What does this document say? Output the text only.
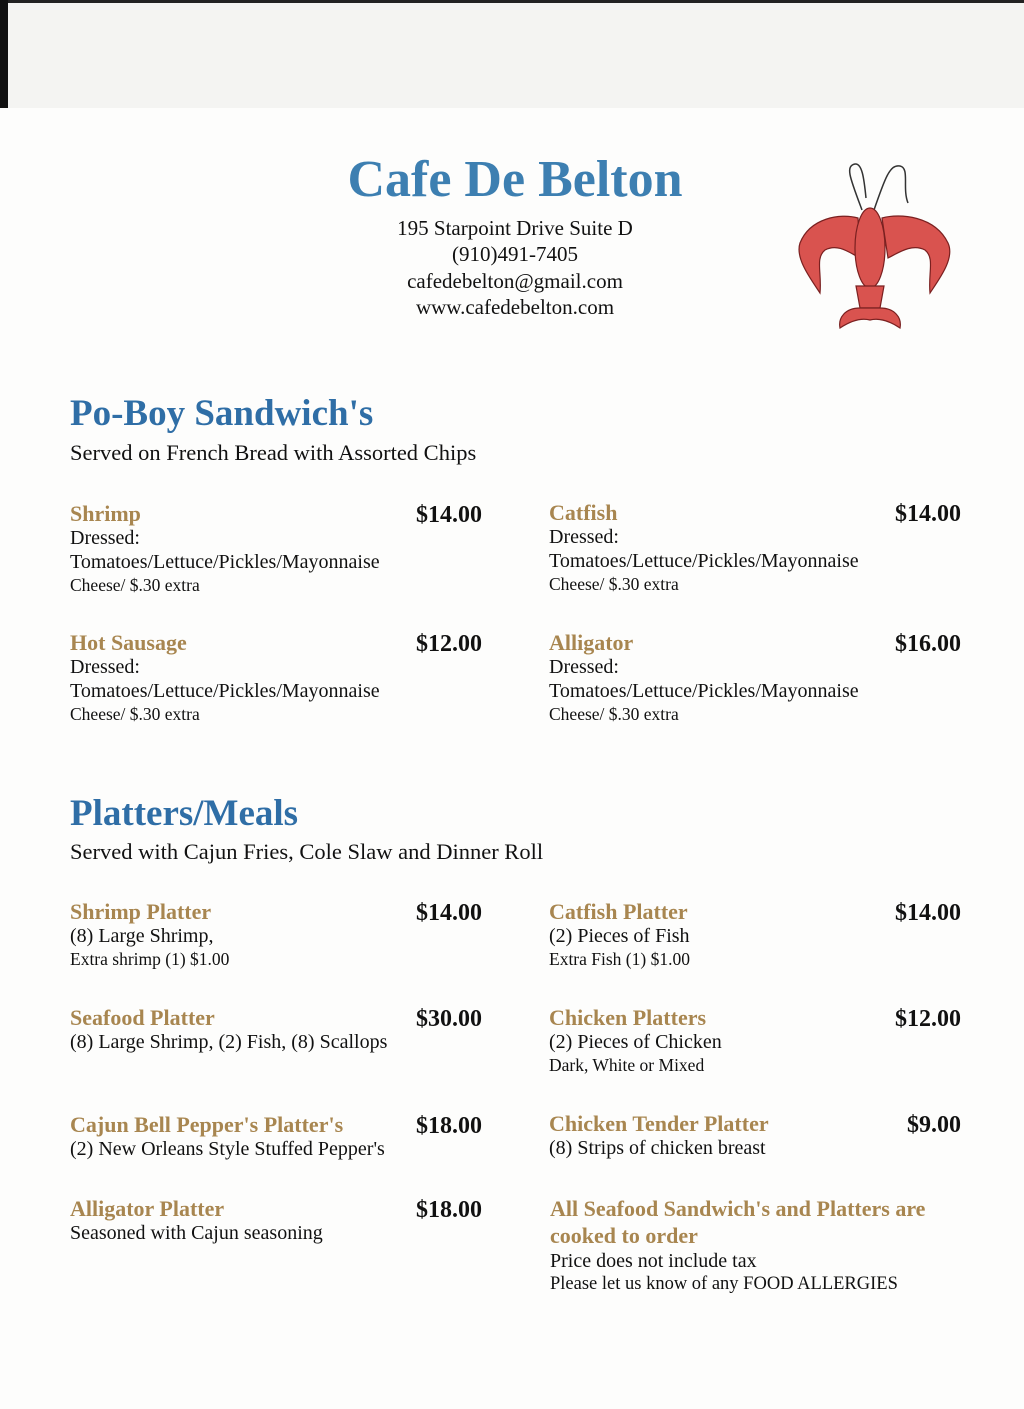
Cafe De Belton
195 Starpoint Drive Suite D
(910)491-7405
cafedebelton@gmail.com
www.cafedebelton.com
Po-Boy Sandwich's
Served on French Bread with Assorted Chips
Platters/Meals
Served with Cajun Fries, Cole Slaw and Dinner Roll
Shrimp	$14.00
Dressed:
Tomatoes/Lettuce/Pickles/Mayonnaise
Cheese/ $.30 extra
Catfish	$14.00
Dressed:
Tomatoes/Lettuce/Pickles/Mayonnaise
Cheese/ $.30 extra
Hot Sausage	$12.00
Dressed:
Tomatoes/Lettuce/Pickles/Mayonnaise
Cheese/ $.30 extra
Alligator	$16.00
Dressed:
Tomatoes/Lettuce/Pickles/Mayonnaise
Cheese/ $.30 extra
Shrimp Platter	$14.00
(8) Large Shrimp,
Extra shrimp (1) $1.00
Catfish Platter	$14.00
(2) Pieces of Fish
Extra Fish (1) $1.00
Seafood Platter	$30.00
(8) Large Shrimp, (2) Fish, (8) Scallops
Chicken Platters	$12.00
(2) Pieces of Chicken
Dark, White or Mixed
Cajun Bell Pepper's Platter's	$18.00
(2) New Orleans Style Stuffed Pepper's
Chicken Tender Platter	$9.00
(8) Strips of chicken breast
Alligator Platter	$18.00
Seasoned with Cajun seasoning
All Seafood Sandwich's and Platters are cooked to order
Price does not include tax
Please let us know of any FOOD ALLERGIES
